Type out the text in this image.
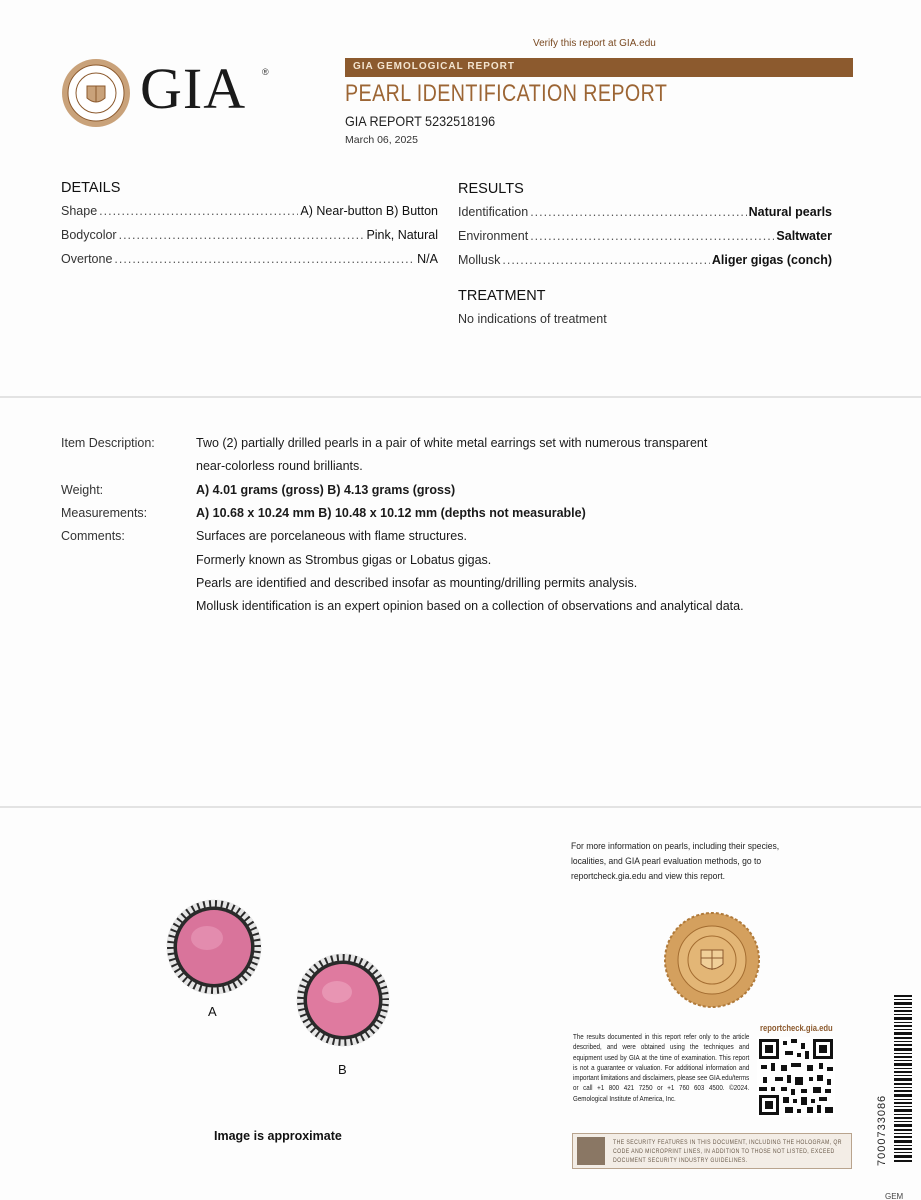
Verify this report at GIA.edu
GIA ®	GIA GEMOLOGICAL REPORT
PEARL IDENTIFICATION REPORT
GIA REPORT 5232518196
March 06, 2025
DETAILS
Shape .....	A) Near-button B) Button
Bodycolor .....	Pink, Natural
Overtone .....	N/A
RESULTS
Identification .....	Natural pearls
Environment .....	Saltwater
Mollusk .....	Aliger gigas (conch)
TREATMENT
No indications of treatment
Item Description:	Two (2) partially drilled pearls in a pair of white metal earrings set with numerous transparent
near-colorless round brilliants.
Weight:	A) 4.01 grams (gross) B) 4.13 grams (gross)
Measurements:	A) 10.68 x 10.24 mm B) 10.48 x 10.12 mm (depths not measurable)
Comments:	Surfaces are porcelaneous with flame structures.
Formerly known as Strombus gigas or Lobatus gigas.
Pearls are identified and described insofar as mounting/drilling permits analysis.
Mollusk identification is an expert opinion based on a collection of observations and analytical data.
For more information on pearls, including their species, localities, and GIA pearl evaluation methods, go to reportcheck.gia.edu and view this report.
A
B
Image is approximate
reportcheck.gia.edu
The results documented in this report refer only to the article described, and were obtained using the techniques and equipment used by GIA at the time of examination. This report is not a guarantee or valuation. For additional information and important limitations and disclaimers, please see GIA.edu/terms or call +1 800 421 7250 or +1 760 603 4500. ©2024. Gemological Institute of America, Inc.
THE SECURITY FEATURES IN THIS DOCUMENT, INCLUDING THE HOLOGRAM, QR CODE AND MICROPRINT LINES, IN ADDITION TO THOSE NOT LISTED, EXCEED DOCUMENT SECURITY INDUSTRY GUIDELINES.	7000733086
GEM
